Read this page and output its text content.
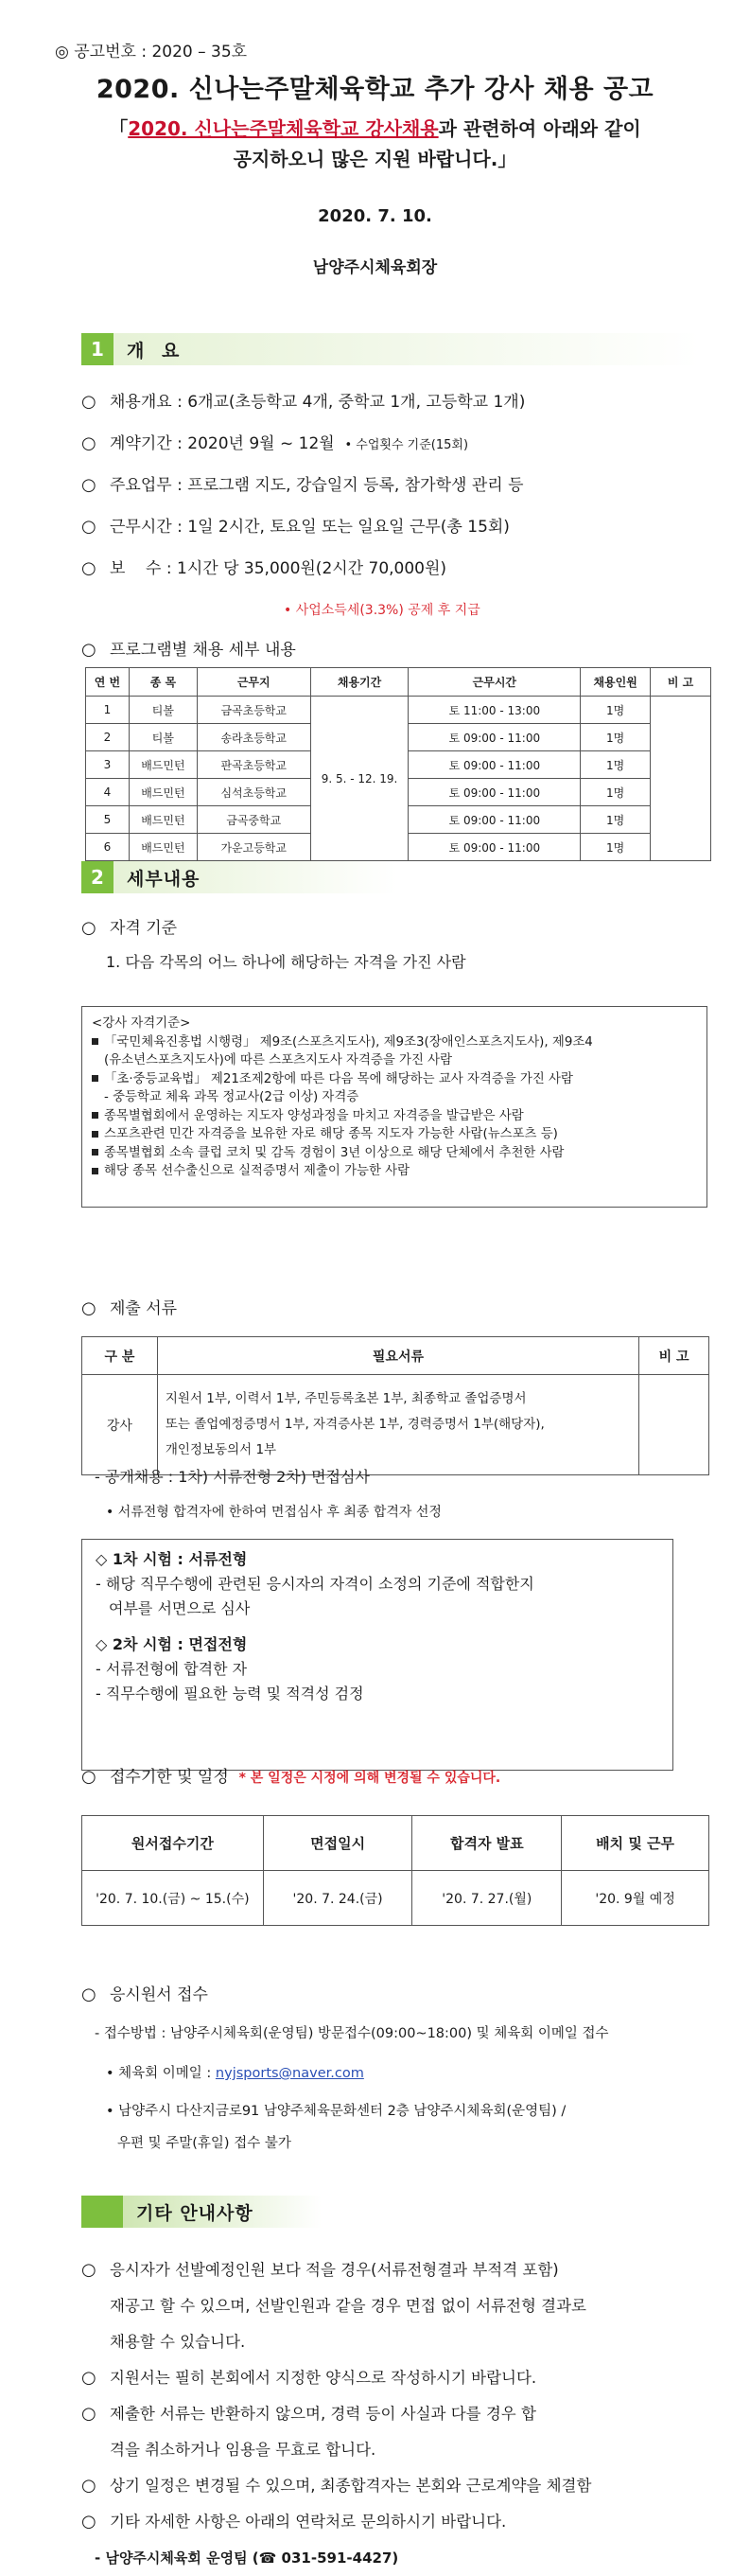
◎ 공고번호 : 2020 – 35호
2020. 신나는주말체육학교 추가 강사 채용 공고
「2020. 신나는주말체육학교 강사채용과 관련하여 아래와 같이
공지하오니 많은 지원 바랍니다.」
2020. 7. 10.
남양주시체육회장
1	개 요
○ 채용개요 : 6개교(초등학교 4개, 중학교 1개, 고등학교 1개)
○ 계약기간 : 2020년 9월 ~ 12월 • 수업횟수 기준(15회)
○ 주요업무 : 프로그램 지도, 강습일지 등록, 참가학생 관리 등
○ 근무시간 : 1일 2시간, 토요일 또는 일요일 근무(총 15회)
○ 보    수 : 1시간 당 35,000원(2시간 70,000원)
• 사업소득세(3.3%) 공제 후 지급
○ 프로그램별 채용 세부 내용
연 번	종 목	근무지	채용기간	근무시간	채용인원	비 고
1	티볼	금곡초등학교	9. 5. - 12. 19.	토 11:00 - 13:00	1명	
2	티볼	송라초등학교		토 09:00 - 11:00	1명	
3	배드민턴	판곡초등학교		토 09:00 - 11:00	1명	
4	배드민턴	심석초등학교		토 09:00 - 11:00	1명	
5	배드민턴	금곡중학교		토 09:00 - 11:00	1명	
6	배드민턴	가운고등학교		토 09:00 - 11:00	1명	
2	세부내용
○ 자격 기준
1. 다음 각목의 어느 하나에 해당하는 자격을 가진 사람
<강사 자격기준>
「국민체육진흥법 시행령」 제9조(스포츠지도사), 제9조3(장애인스포츠지도사), 제9조4
(유소년스포츠지도사)에 따른 스포츠지도사 자격증을 가진 사람
「초·중등교육법」 제21조제2항에 따른 다음 목에 해당하는 교사 자격증을 가진 사람
- 중등학교 체육 과목 정교사(2급 이상) 자격증
종목별협회에서 운영하는 지도자 양성과정을 마치고 자격증을 발급받은 사람
스포츠관련 민간 자격증을 보유한 자로 해당 종목 지도자 가능한 사람(뉴스포츠 등)
종목별협회 소속 클럽 코치 및 감독 경험이 3년 이상으로 해당 단체에서 추천한 사람
해당 종목 선수출신으로 실적증명서 제출이 가능한 사람
○ 제출 서류
구 분	필요서류	비 고
강사	지원서 1부, 이력서 1부, 주민등록초본 1부, 최종학교 졸업증명서
또는 졸업예정증명서 1부, 자격증사본 1부, 경력증명서 1부(해당자),
개인정보동의서 1부	

- 공개채용 : 1차) 서류전형 2차) 면접심사
• 서류전형 합격자에 한하여 면접심사 후 최종 합격자 선정
◇ 1차 시험 : 서류전형
- 해당 직무수행에 관련된 응시자의 자격이 소정의 기준에 적합한지
여부를 서면으로 심사
◇ 2차 시험 : 면접전형
- 서류전형에 합격한 자
- 직무수행에 필요한 능력 및 적격성 검정
○ 접수기한 및 일정 * 본 일정은 시정에 의해 변경될 수 있습니다.
원서접수기간	면접일시	합격자 발표	배치 및 근무
'20. 7. 10.(금) ~ 15.(수)	'20. 7. 24.(금)	'20. 7. 27.(월)	'20. 9월 예정
○ 응시원서 접수
- 접수방법 : 남양주시체육회(운영팀) 방문접수(09:00~18:00) 및 체육회 이메일 접수
• 체육회 이메일 : nyjsports@naver.com
• 남양주시 다산지금로91 남양주체육문화센터 2층 남양주시체육회(운영팀) /
우편 및 주말(휴일) 접수 불가
기타 안내사항
○ 응시자가 선발예정인원 보다 적을 경우(서류전형결과 부적격 포함)
재공고 할 수 있으며, 선발인원과 같을 경우 면접 없이 서류전형 결과로
채용할 수 있습니다.
○ 지원서는 필히 본회에서 지정한 양식으로 작성하시기 바랍니다.
○ 제출한 서류는 반환하지 않으며, 경력 등이 사실과 다를 경우 합
격을 취소하거나 임용을 무효로 합니다.
○ 상기 일정은 변경될 수 있으며, 최종합격자는 본회와 근로계약을 체결함
○ 기타 자세한 사항은 아래의 연락처로 문의하시기 바랍니다.
- 남양주시체육회 운영팀 (☎ 031-591-4427)
